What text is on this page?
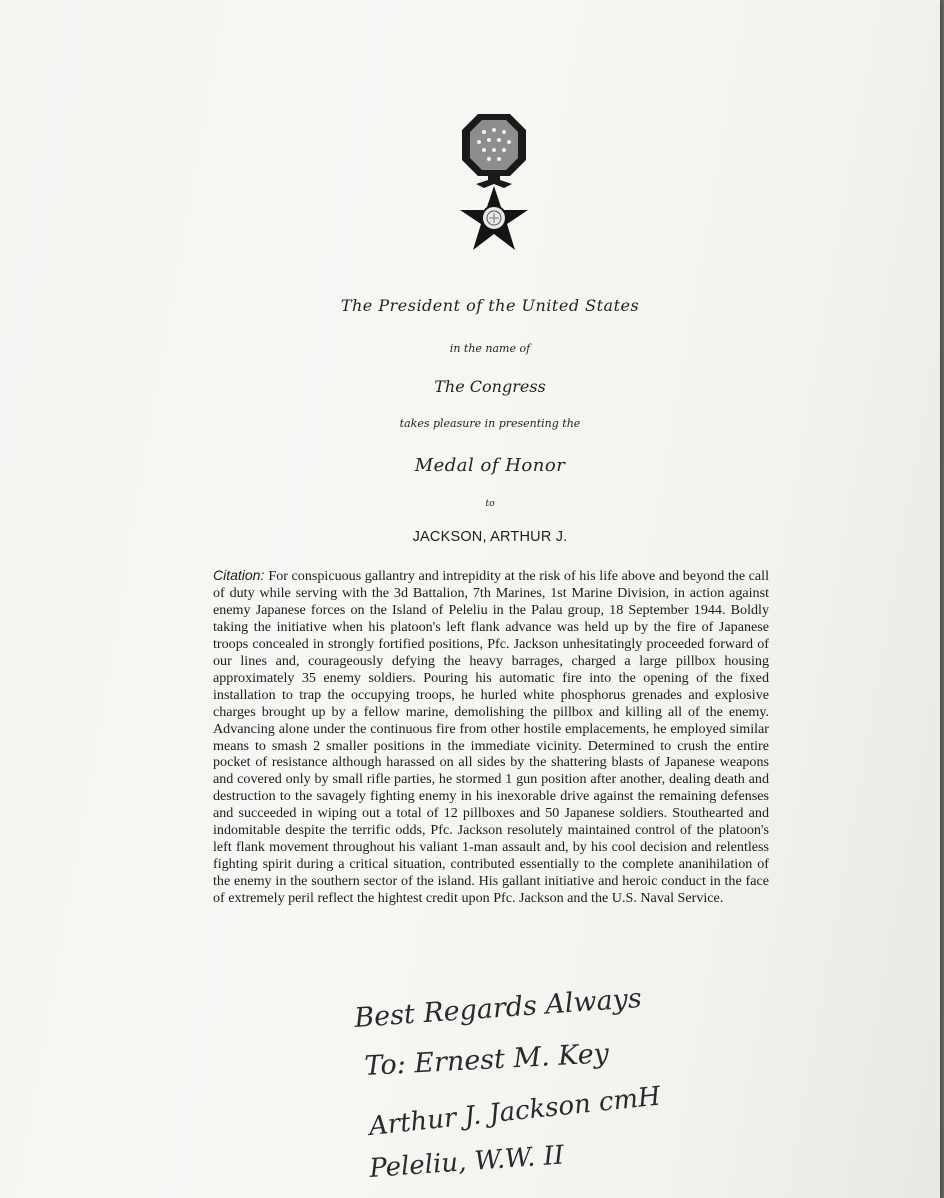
The President of the United States
in the name of
The Congress
takes pleasure in presenting the
Medal of Honor
to
JACKSON, ARTHUR J.
Citation: For conspicuous gallantry and intrepidity at the risk of his life above and beyond the call of duty while serving with the 3d Battalion, 7th Marines, 1st Marine Division, in action against enemy Japanese forces on the Island of Peleliu in the Palau group, 18 September 1944. Boldly taking the initiative when his platoon's left flank advance was held up by the fire of Japanese troops concealed in strongly fortified positions, Pfc. Jackson unhesitatingly proceeded forward of our lines and, courageously defying the heavy barrages, charged a large pillbox housing approximately 35 enemy soldiers. Pouring his automatic fire into the opening of the fixed installation to trap the occupying troops, he hurled white phosphorus grenades and explosive charges brought up by a fellow marine, demolishing the pillbox and killing all of the enemy. Advancing alone under the continuous fire from other hostile emplacements, he employed similar means to smash 2 smaller positions in the immediate vicinity. Determined to crush the entire pocket of resistance although harassed on all sides by the shattering blasts of Japanese weapons and covered only by small rifle parties, he stormed 1 gun position after another, dealing death and destruction to the savagely fighting enemy in his inexorable drive against the remaining defenses and succeeded in wiping out a total of 12 pillboxes and 50 Japanese soldiers. Stouthearted and indomitable despite the terrific odds, Pfc. Jackson resolutely maintained control of the platoon's left flank movement throughout his valiant 1-man assault and, by his cool decision and relentless fighting spirit during a critical situation, contributed essentially to the complete ananihilation of the enemy in the southern sector of the island. His gallant initiative and heroic conduct in the face of extremely peril reflect the hightest credit upon Pfc. Jackson and the U.S. Naval Service.
Best Regards Always
To: Ernest M. Key
Arthur J. Jackson cmH
Peleliu, W.W. II
